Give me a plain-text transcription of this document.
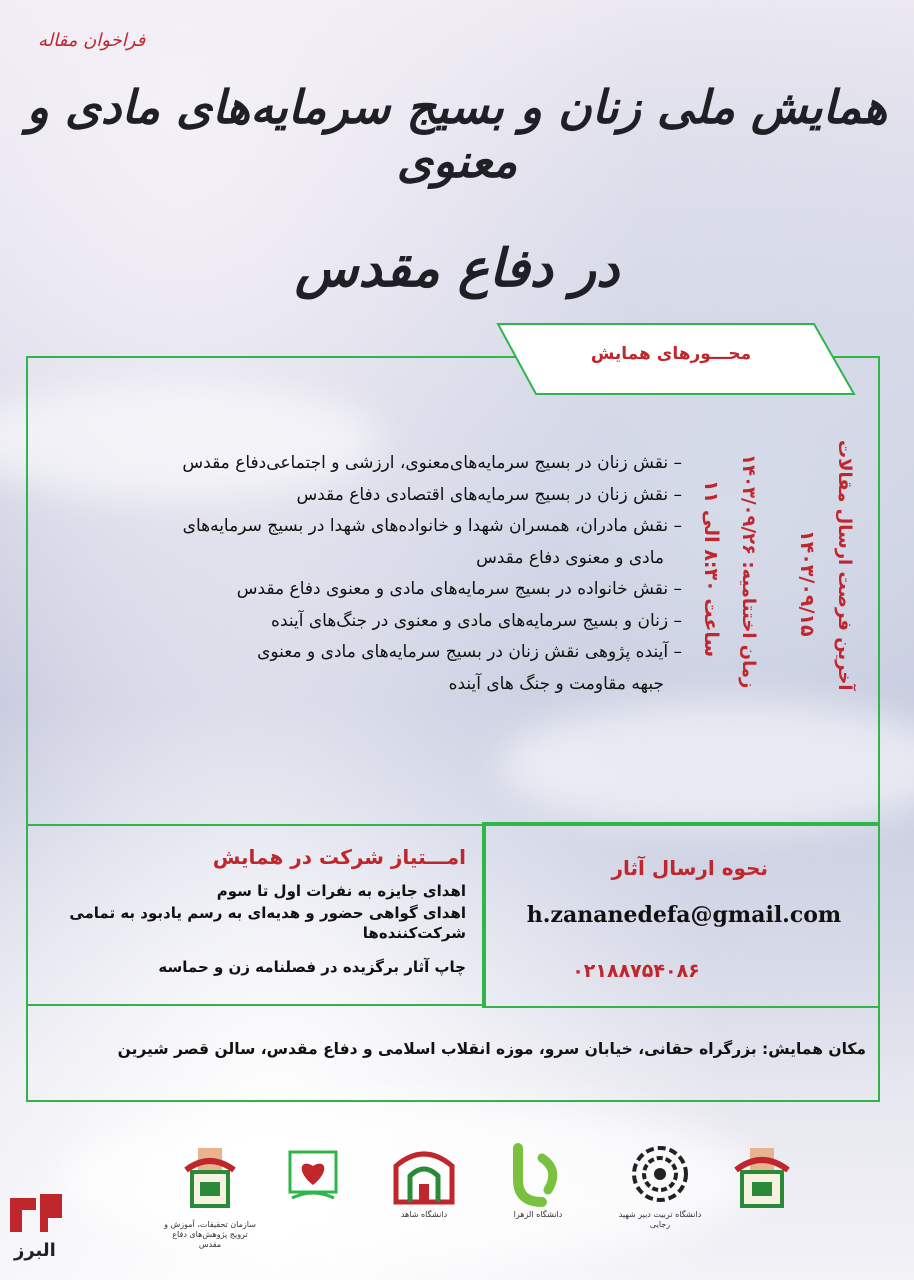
فراخوان مقاله
همایش ملی زنان و بسیج سرمایه‌های مادی و معنوی
در دفاع مقدس
محـــورهای همایش
– نقش زنان در بسیج سرمایه‌های‌معنوی، ارزشی و اجتماعی‌دفاع مقدس
– نقش زنان در بسیج سرمایه‌های اقتصادی دفاع مقدس
– نقش مادران، همسران شهدا و خانواده‌های شهدا در بسیج سرمایه‌های
مادی و معنوی دفاع مقدس
– نقش خانواده در بسیج سرمایه‌های مادی و معنوی دفاع مقدس
– زنان و بسیج سرمایه‌های مادی و معنوی در جنگ‌های آینده
– آینده پژوهی نقش زنان در بسیج سرمایه‌های مادی و معنوی
جبهه مقاومت و جنگ های آینده	آخرین فرصت ارسال مقالات
۱۴۰۳/۰۹/۱۵
زمان اختتامیه: ۱۴۰۳/۰۹/۲۶
ساعت ۸:۳۰ الی ۱۱
امـــتیاز شرکت در همایش
اهدای جایزه به نفرات اول تا سوم
اهدای گواهی حضور و هدیه‌ای به رسم یادبود به تمامی
شرکت‌کننده‌ها
چاپ آثار برگزیده در فصلنامه زن و حماسه
نحوه ارسال آثار
h.zananedefa@gmail.com
۰۲۱۸۸۷۵۴۰۸۶
مکان همایش: بزرگراه حقانی، خیابان سرو، موزه انقلاب اسلامی و دفاع مقدس، سالن قصر شیرین
سازمان تحقیقات، آموزش و ترویج پژوهش‌های دفاع مقدس
دانشگاه شاهد	دانشگاه الزهرا	دانشگاه تربیت دبیر شهید رجایی
البرز
